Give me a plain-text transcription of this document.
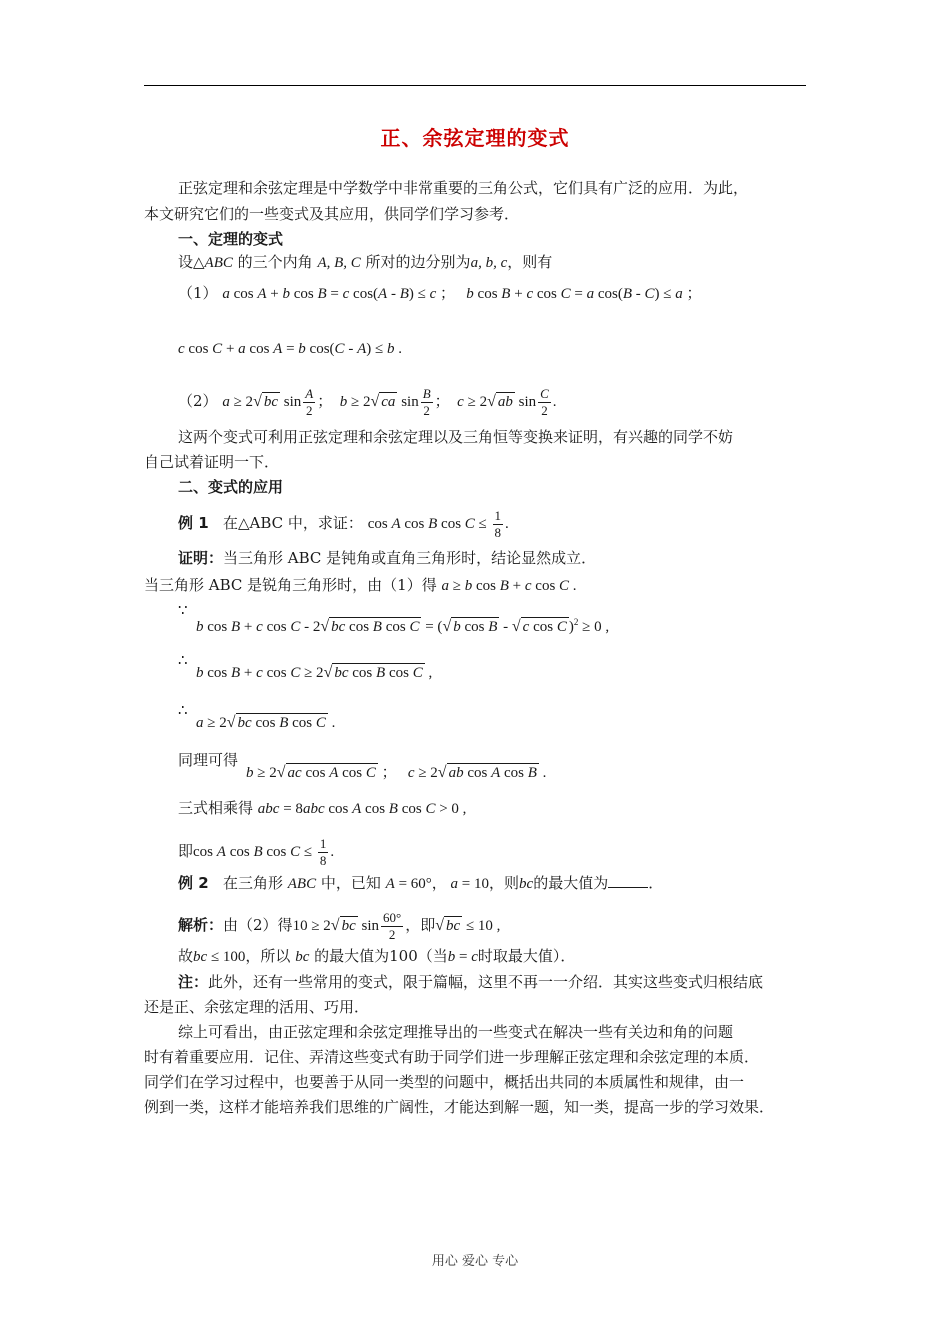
正、余弦定理的变式
正弦定理和余弦定理是中学数学中非常重要的三角公式，它们具有广泛的应用．为此，
本文研究它们的一些变式及其应用，供同学们学习参考．
一、定理的变式
设△ABC 的三个内角 A, B, C 所对的边分别为a, b, c，则有
（1） a cos A + b cos B = c cos(A - B) ≤ c ；   b cos B + c cos C = a cos(B - C) ≤ a ；
c cos C + a cos A = b cos(C - A) ≤ b .
（2） a ≥ 2√ bc $\sin \frac{A}{2}$ ；  b ≥ 2√ ca $\sin \frac{B}{2}$ ；  c ≥ 2√ ab $\sin \frac{C}{2}$ .
这两个变式可利用正弦定理和余弦定理以及三角恒等变换来证明，有兴趣的同学不妨
自己试着证明一下．
二、变式的应用
例 1 在△ABC 中，求证： cos A cos B $\cos C \le \frac{1}{8}$ .
证明：当三角形 ABC 是钝角或直角三角形时，结论显然成立．
当三角形 ABC 是锐角三角形时，由（1）得 a ≥ b cos B + c cos C .
∵
b cos B + c cos C - 2√ bc cos B cos C = (√ b cos B - √ c cos C )$^2$ ≥ 0 ,
∴
b cos B + c cos C ≥ 2√ bc cos B cos C ,
∴
a ≥ 2√ bc cos B cos C .
同理可得
b ≥ 2√ ac cos A cos C ；   c ≥ 2√ ab cos A cos B .
三式相乘得 abc = 8abc cos A cos B cos C > 0 ,
即cos A cos B $\cos C \le \frac{1}{8}$ .
例 2 在三角形 ABC 中，已知 A = 60°， a = 10，则bc的最大值为	．
解析：由（2）得10 ≥ 2√ bc $\sin \frac{60^\circ}{2}$ ，即√ bc ≤ 10 ,
故bc ≤ 100，所以 bc 的最大值为100（当b = c时取最大值）．
注：此外，还有一些常用的变式，限于篇幅，这里不再一一介绍．其实这些变式归根结底
还是正、余弦定理的活用、巧用．
综上可看出，由正弦定理和余弦定理推导出的一些变式在解决一些有关边和角的问题
时有着重要应用．记住、弄清这些变式有助于同学们进一步理解正弦定理和余弦定理的本质．
同学们在学习过程中，也要善于从同一类型的问题中，概括出共同的本质属性和规律，由一
例到一类，这样才能培养我们思维的广阔性，才能达到解一题，知一类，提高一步的学习效果．
用心 爱心 专心
